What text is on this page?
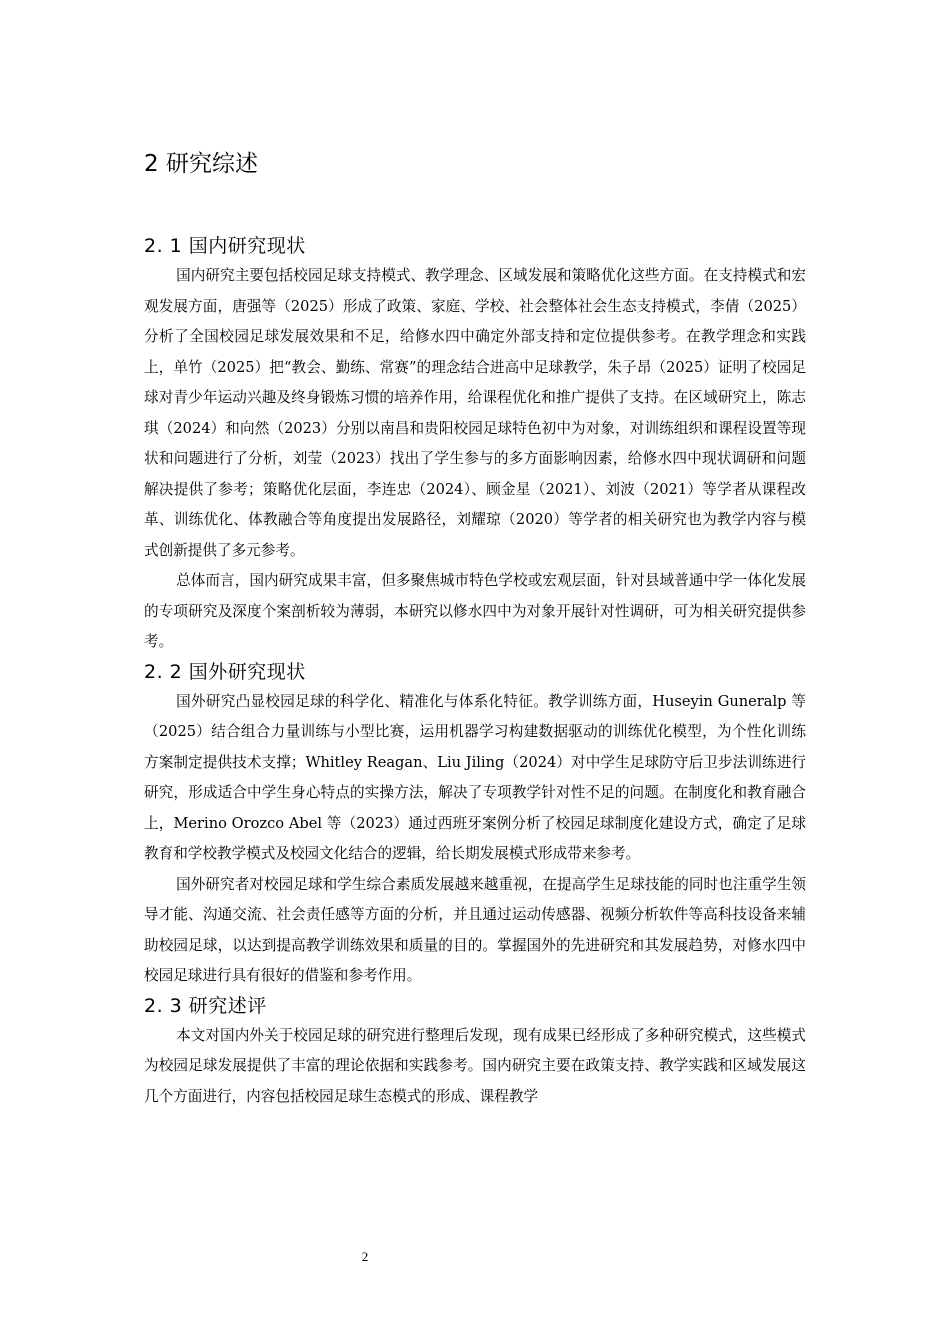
2 研究综述
2. 1 国内研究现状

国内研究主要包括校园足球支持模式、教学理念、区域发展和策略优化这些方面。在支持模式和宏观发展方面，唐强等（2025）形成了政策、家庭、学校、社会整体社会生态支持模式，李倩（2025）分析了全国校园足球发展效果和不足，给修水四中确定外部支持和定位提供参考。在教学理念和实践上，单竹（2025）把“教会、勤练、常赛”的理念结合进高中足球教学，朱子昂（2025）证明了校园足球对青少年运动兴趣及终身锻炼习惯的培养作用，给课程优化和推广提供了支持。在区域研究上，陈志琪（2024）和向然（2023）分别以南昌和贵阳校园足球特色初中为对象，对训练组织和课程设置等现状和问题进行了分析，刘莹（2023）找出了学生参与的多方面影响因素，给修水四中现状调研和问题解决提供了参考；策略优化层面，李连忠（2024）、顾金星（2021）、刘波（2021）等学者从课程改革、训练优化、体教融合等角度提出发展路径，刘耀琼（2020）等学者的相关研究也为教学内容与模式创新提供了多元参考。

总体而言，国内研究成果丰富，但多聚焦城市特色学校或宏观层面，针对县域普通中学一体化发展的专项研究及深度个案剖析较为薄弱，本研究以修水四中为对象开展针对性调研，可为相关研究提供参考。

2. 2 国外研究现状

国外研究凸显校园足球的科学化、精准化与体系化特征。教学训练方面，Huseyin Guneralp 等（2025）结合组合力量训练与小型比赛，运用机器学习构建数据驱动的训练优化模型，为个性化训练方案制定提供技术支撑；Whitley Reagan、Liu Jiling（2024）对中学生足球防守后卫步法训练进行研究，形成适合中学生身心特点的实操方法，解决了专项教学针对性不足的问题。在制度化和教育融合上，Merino Orozco Abel 等（2023）通过西班牙案例分析了校园足球制度化建设方式，确定了足球教育和学校教学模式及校园文化结合的逻辑，给长期发展模式形成带来参考。

国外研究者对校园足球和学生综合素质发展越来越重视，在提高学生足球技能的同时也注重学生领导才能、沟通交流、社会责任感等方面的分析，并且通过运动传感器、视频分析软件等高科技设备来辅助校园足球，以达到提高教学训练效果和质量的目的。掌握国外的先进研究和其发展趋势，对修水四中校园足球进行具有很好的借鉴和参考作用。

2. 3 研究述评

本文对国内外关于校园足球的研究进行整理后发现，现有成果已经形成了多种研究模式，这些模式为校园足球发展提供了丰富的理论依据和实践参考。国内研究主要在政策支持、教学实践和区域发展这几个方面进行，内容包括校园足球生态模式的形成、课程教学

2
